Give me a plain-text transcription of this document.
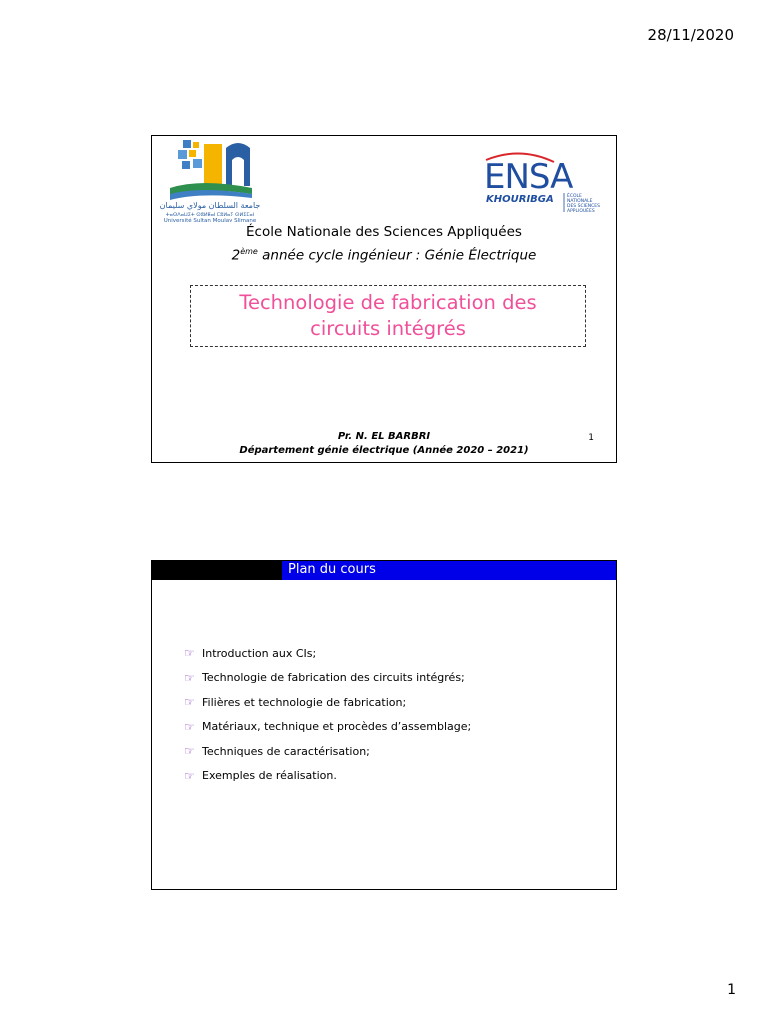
28/11/2020
جامعة السلطان مولاي سليمان
ⵜⴰⵙⴷⴰⵡⵉⵜ ⵙⵓⵍⵟⴰⵏ ⵎⵓⵍⴰⵢ ⵙⵍⵉⵎⴰⵏ
Université Sultan Moulay Slimane
ENSA
KHOURIBGA	ÉCOLE
NATIONALE
DES SCIENCES
APPLIQUÉES
École Nationale des Sciences Appliquées
2ème année cycle ingénieur : Génie Électrique
Technologie de fabrication des
circuits intégrés
Pr. N. EL BARBRI
Département génie électrique (Année 2020 – 2021)
1
Plan du cours
☞ Introduction aux CIs;
☞ Technologie de fabrication des circuits intégrés;
☞ Filières et technologie de fabrication;
☞ Matériaux, technique et procèdes d’assemblage;
☞ Techniques de caractérisation;
☞ Exemples de réalisation.
1
